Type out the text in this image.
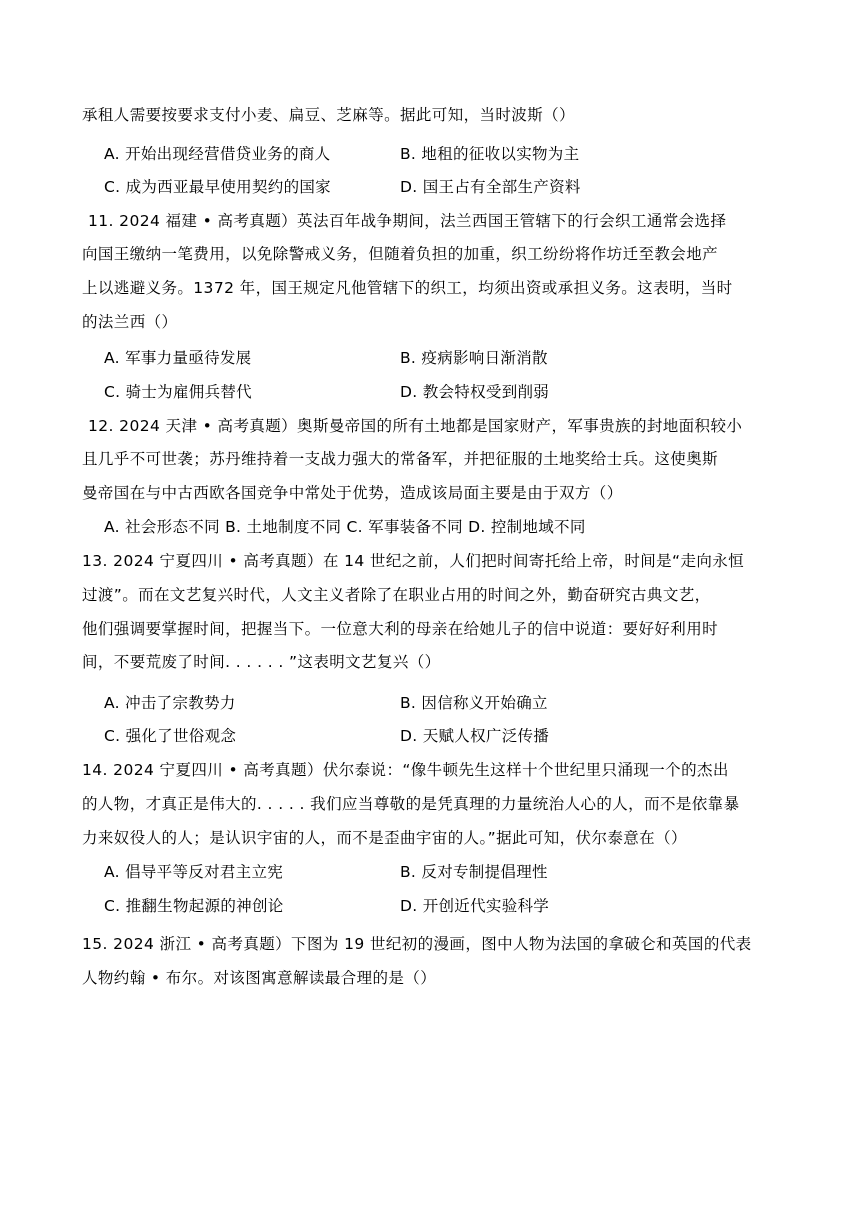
承租人需要按要求支付小麦、扁豆、芝麻等。据此可知，当时波斯（）
A. 开始出现经营借贷业务的商人	B. 地租的征收以实物为主
C. 成为西亚最早使用契约的国家	D. 国王占有全部生产资料
11. 2024 福建 • 高考真题）英法百年战争期间，法兰西国王管辖下的行会织工通常会选择
向国王缴纳一笔费用，以免除警戒义务，但随着负担的加重，织工纷纷将作坊迁至教会地产
上以逃避义务。1372 年，国王规定凡他管辖下的织工，均须出资或承担义务。这表明，当时
的法兰西（）
A. 军事力量亟待发展	B. 疫病影响日渐消散
C. 骑士为雇佣兵替代	D. 教会特权受到削弱
12. 2024 天津 • 高考真题）奥斯曼帝国的所有土地都是国家财产，军事贵族的封地面积较小
且几乎不可世袭；苏丹维持着一支战力强大的常备军，并把征服的土地奖给士兵。这使奥斯
曼帝国在与中古西欧各国竞争中常处于优势，造成该局面主要是由于双方（）
A. 社会形态不同 B. 土地制度不同 C. 军事装备不同 D. 控制地域不同
13. 2024 宁夏四川 • 高考真题）在 14 世纪之前，人们把时间寄托给上帝，时间是“走向永恒
过渡”。而在文艺复兴时代，人文主义者除了在职业占用的时间之外，勤奋研究古典文艺，
他们强调要掌握时间，把握当下。一位意大利的母亲在给她儿子的信中说道：要好好利用时
间，不要荒废了时间. . . . . . ”这表明文艺复兴（）
A. 冲击了宗教势力	B. 因信称义开始确立
C. 强化了世俗观念	D. 天赋人权广泛传播
14. 2024 宁夏四川 • 高考真题）伏尔泰说：“像牛顿先生这样十个世纪里只涌现一个的杰出
的人物，才真正是伟大的. . . . . 我们应当尊敬的是凭真理的力量统治人心的人，而不是依靠暴
力来奴役人的人；是认识宇宙的人，而不是歪曲宇宙的人。”据此可知，伏尔泰意在（）
A. 倡导平等反对君主立宪	B. 反对专制提倡理性
C. 推翻生物起源的神创论	D. 开创近代实验科学
15. 2024 浙江 • 高考真题）下图为 19 世纪初的漫画，图中人物为法国的拿破仑和英国的代表
人物约翰 • 布尔。对该图寓意解读最合理的是（）
